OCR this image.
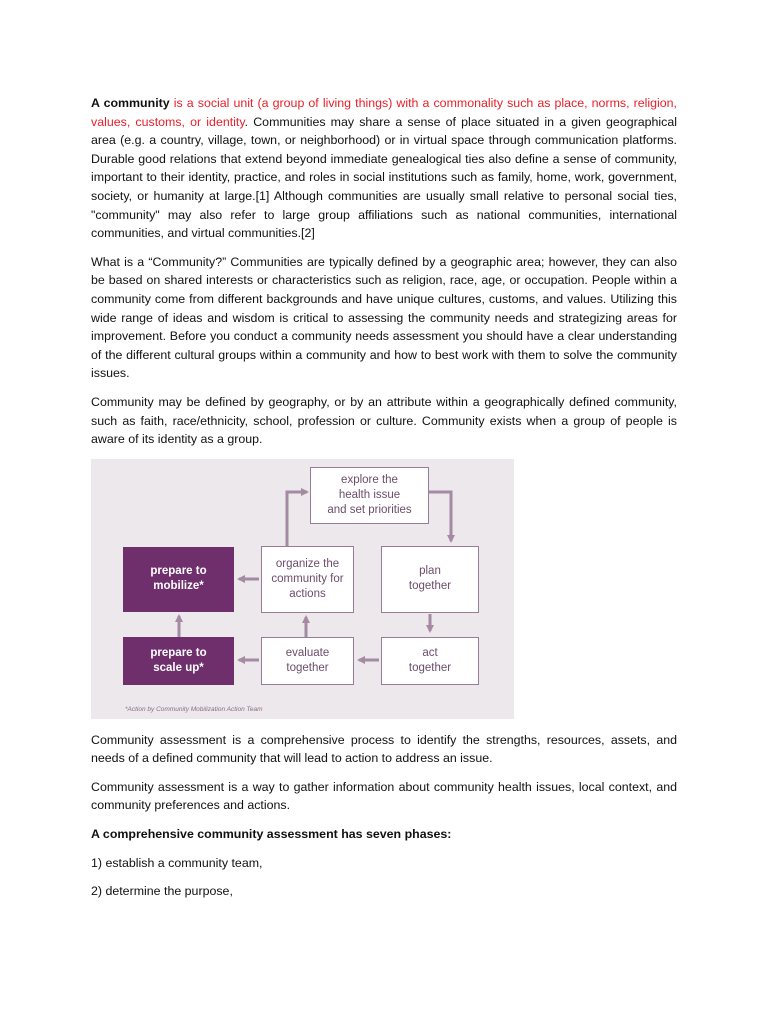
A community is a social unit (a group of living things) with a commonality such as place, norms, religion, values, customs, or identity. Communities may share a sense of place situated in a given geographical area (e.g. a country, village, town, or neighborhood) or in virtual space through communication platforms. Durable good relations that extend beyond immediate genealogical ties also define a sense of community, important to their identity, practice, and roles in social institutions such as family, home, work, government, society, or humanity at large.[1] Although communities are usually small relative to personal social ties, "community" may also refer to large group affiliations such as national communities, international communities, and virtual communities.[2]

What is a “Community?” Communities are typically defined by a geographic area; however, they can also be based on shared interests or characteristics such as religion, race, age, or occupation. People within a community come from different backgrounds and have unique cultures, customs, and values. Utilizing this wide range of ideas and wisdom is critical to assessing the community needs and strategizing areas for improvement. Before you conduct a community needs assessment you should have a clear understanding of the different cultural groups within a community and how to best work with them to solve the community issues.

Community may be defined by geography, or by an attribute within a geographically defined community, such as faith, race/ethnicity, school, profession or culture. Community exists when a group of people is aware of its identity as a group.

explore the
health issue
and set priorities
organize the
community for
actions
plan
together
act
together
evaluate
together
prepare to
mobilize*
prepare to
scale up*
*Action by Community Mobilization Action Team

Community assessment is a comprehensive process to identify the strengths, resources, assets, and needs of a defined community that will lead to action to address an issue.

Community assessment is a way to gather information about community health issues, local context, and community preferences and actions.

A comprehensive community assessment has seven phases:

1) establish a community team,

2) determine the purpose,
